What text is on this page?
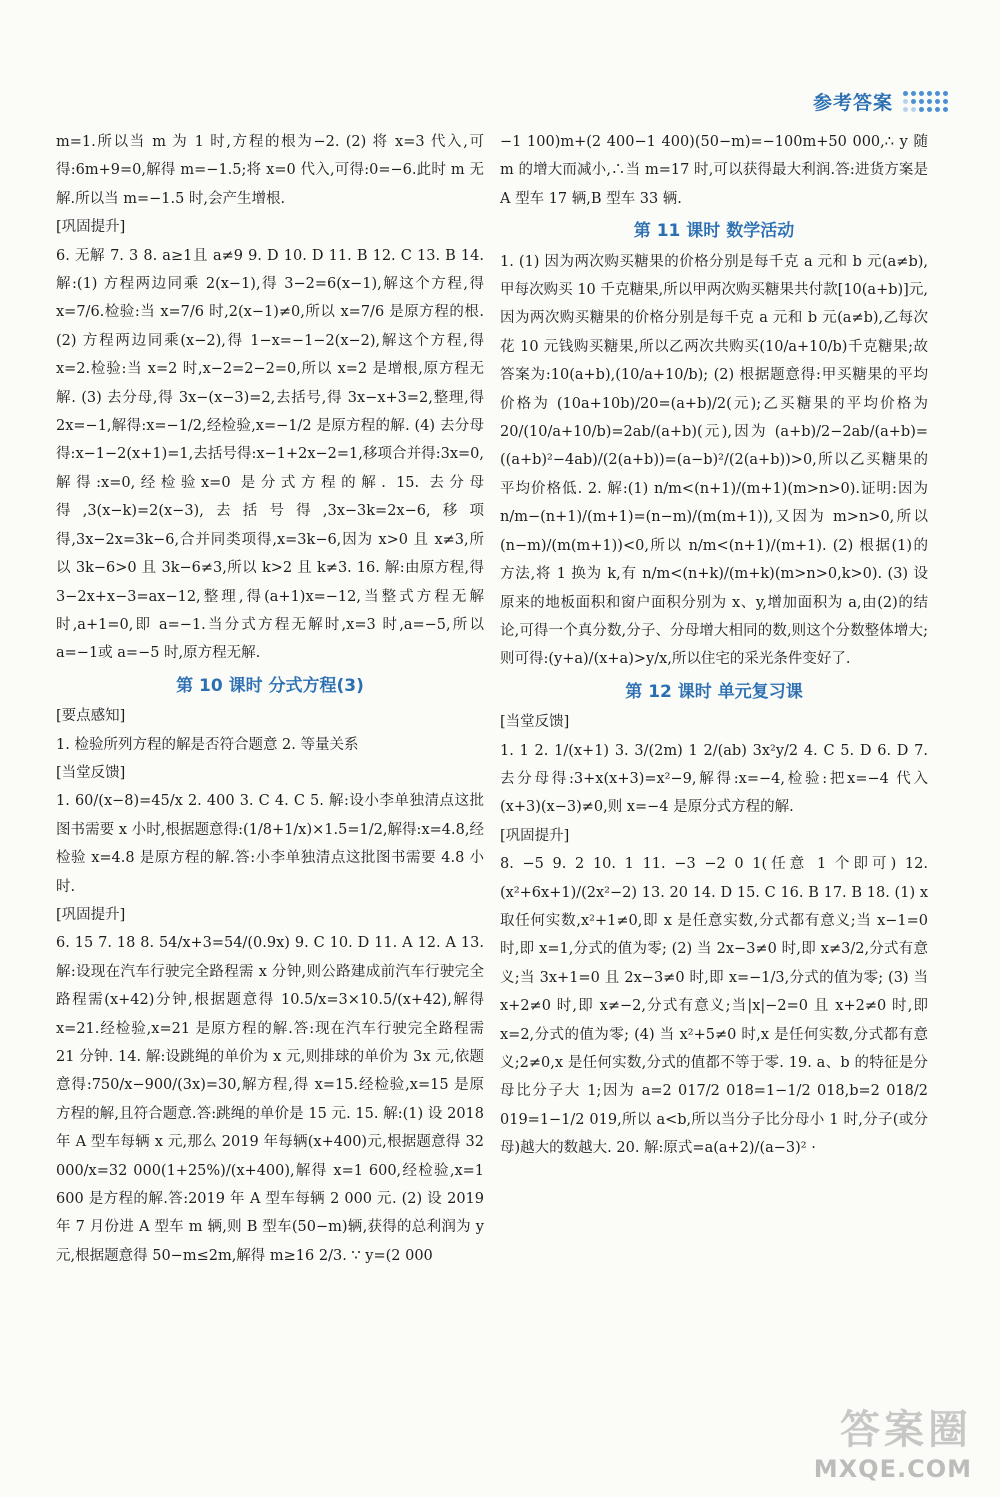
参考答案

m=1.所以当 m 为 1 时,方程的根为−2. (2) 将 x=3 代入,可得:6m+9=0,解得 m=−1.5;将 x=0 代入,可得:0=−6.此时 m 无解.所以当 m=−1.5 时,会产生增根.

[巩固提升]

6. 无解 7. 3 8. a≥1且 a≠9 9. D 10. D 11. B 12. C 13. B 14. 解:(1) 方程两边同乘 2(x−1),得 3−2=6(x−1),解这个方程,得 x=7/6.检验:当 x=7/6 时,2(x−1)≠0,所以 x=7/6 是原方程的根. (2) 方程两边同乘(x−2),得 1−x=−1−2(x−2),解这个方程,得 x=2.检验:当 x=2 时,x−2=2−2=0,所以 x=2 是增根,原方程无解. (3) 去分母,得 3x−(x−3)=2,去括号,得 3x−x+3=2,整理,得 2x=−1,解得:x=−1/2,经检验,x=−1/2 是原方程的解. (4) 去分母得:x−1−2(x+1)=1,去括号得:x−1+2x−2=1,移项合并得:3x=0,解得:x=0,经检验x=0 是分式方程的解. 15. 去分母得,3(x−k)=2(x−3),去括号得,3x−3k=2x−6,移项得,3x−2x=3k−6,合并同类项得,x=3k−6,因为 x>0 且 x≠3,所以 3k−6>0 且 3k−6≠3,所以 k>2 且 k≠3. 16. 解:由原方程,得 3−2x+x−3=ax−12,整理,得(a+1)x=−12,当整式方程无解时,a+1=0,即 a=−1.当分式方程无解时,x=3 时,a=−5,所以a=−1或 a=−5 时,原方程无解.

第 10 课时 分式方程(3)

[要点感知]

1. 检验所列方程的解是否符合题意 2. 等量关系

[当堂反馈]

1. 60/(x−8)=45/x 2. 400 3. C 4. C 5. 解:设小李单独清点这批图书需要 x 小时,根据题意得:(1/8+1/x)×1.5=1/2,解得:x=4.8,经检验 x=4.8 是原方程的解.答:小李单独清点这批图书需要 4.8 小时.

[巩固提升]

6. 15 7. 18 8. 54/x+3=54/(0.9x) 9. C 10. D 11. A 12. A 13. 解:设现在汽车行驶完全路程需 x 分钟,则公路建成前汽车行驶完全路程需(x+42)分钟,根据题意得 10.5/x=3×10.5/(x+42),解得 x=21.经检验,x=21 是原方程的解.答:现在汽车行驶完全路程需 21 分钟. 14. 解:设跳绳的单价为 x 元,则排球的单价为 3x 元,依题意得:750/x−900/(3x)=30,解方程,得 x=15.经检验,x=15 是原方程的解,且符合题意.答:跳绳的单价是 15 元. 15. 解:(1) 设 2018 年 A 型车每辆 x 元,那么 2019 年每辆(x+400)元,根据题意得 32 000/x=32 000(1+25%)/(x+400),解得 x=1 600,经检验,x=1 600 是方程的解.答:2019 年 A 型车每辆 2 000 元. (2) 设 2019 年 7 月份进 A 型车 m 辆,则 B 型车(50−m)辆,获得的总利润为 y 元,根据题意得 50−m≤2m,解得 m≥16 2/3. ∵ y=(2 000

−1 100)m+(2 400−1 400)(50−m)=−100m+50 000,∴ y 随 m 的增大而减小,∴当 m=17 时,可以获得最大利润.答:进货方案是 A 型车 17 辆,B 型车 33 辆.

第 11 课时 数学活动

1. (1) 因为两次购买糖果的价格分别是每千克 a 元和 b 元(a≠b),甲每次购买 10 千克糖果,所以甲两次购买糖果共付款[10(a+b)]元,因为两次购买糖果的价格分别是每千克 a 元和 b 元(a≠b),乙每次花 10 元钱购买糖果,所以乙两次共购买(10/a+10/b)千克糖果;故答案为:10(a+b),(10/a+10/b); (2) 根据题意得:甲买糖果的平均价格为 (10a+10b)/20=(a+b)/2(元);乙买糖果的平均价格为 20/(10/a+10/b)=2ab/(a+b)(元),因为 (a+b)/2−2ab/(a+b)=((a+b)²−4ab)/(2(a+b))=(a−b)²/(2(a+b))>0,所以乙买糖果的平均价格低. 2. 解:(1) n/m<(n+1)/(m+1)(m>n>0).证明:因为 n/m−(n+1)/(m+1)=(n−m)/(m(m+1)),又因为 m>n>0,所以 (n−m)/(m(m+1))<0,所以 n/m<(n+1)/(m+1). (2) 根据(1)的方法,将 1 换为 k,有 n/m<(n+k)/(m+k)(m>n>0,k>0). (3) 设原来的地板面积和窗户面积分别为 x、y,增加面积为 a,由(2)的结论,可得一个真分数,分子、分母增大相同的数,则这个分数整体增大;则可得:(y+a)/(x+a)>y/x,所以住宅的采光条件变好了.

第 12 课时 单元复习课

[当堂反馈]

1. 1 2. 1/(x+1) 3. 3/(2m) 1 2/(ab) 3x²y/2 4. C 5. D 6. D 7. 去分母得:3+x(x+3)=x²−9,解得:x=−4,检验:把x=−4 代入(x+3)(x−3)≠0,则 x=−4 是原分式方程的解.

[巩固提升]

8. −5 9. 2 10. 1 11. −3 −2 0 1(任意 1 个即可) 12. (x²+6x+1)/(2x²−2) 13. 20 14. D 15. C 16. B 17. B 18. (1) x 取任何实数,x²+1≠0,即 x 是任意实数,分式都有意义;当 x−1=0 时,即 x=1,分式的值为零; (2) 当 2x−3≠0 时,即 x≠3/2,分式有意义;当 3x+1=0 且 2x−3≠0 时,即 x=−1/3,分式的值为零; (3) 当 x+2≠0 时,即 x≠−2,分式有意义;当|x|−2=0 且 x+2≠0 时,即 x=2,分式的值为零; (4) 当 x²+5≠0 时,x 是任何实数,分式都有意义;2≠0,x 是任何实数,分式的值都不等于零. 19. a、b 的特征是分母比分子大 1;因为 a=2 017/2 018=1−1/2 018,b=2 018/2 019=1−1/2 019,所以 a<b,所以当分子比分母小 1 时,分子(或分母)越大的数越大. 20. 解:原式=a(a+2)/(a−3)² ·

答案圈
MXQE.COM
